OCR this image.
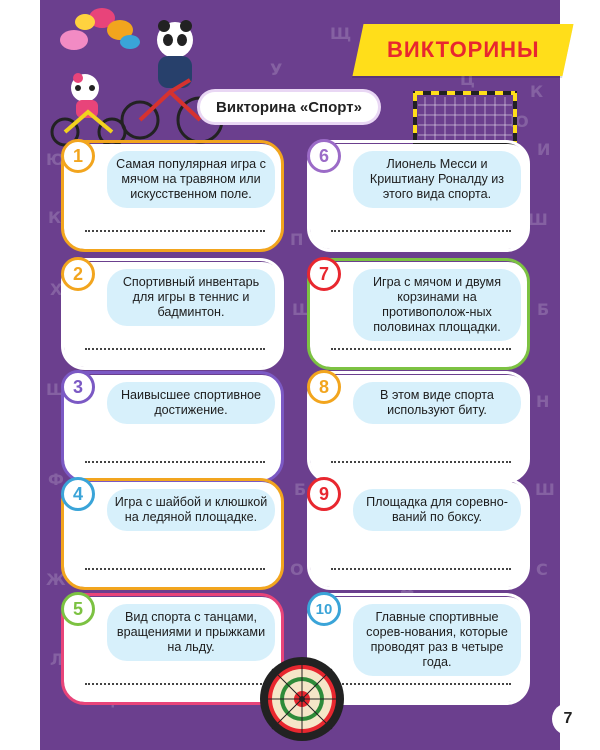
К
Ц
Ю
И
Ш
Б
Н
Ш
С
Ю
К
Х
Ш
Ф
Ж
Л
П
Ш
Б
О
Д
Щ
У
ВИКТОРИНЫ
Викторина «Спорт»
1	Самая популярная игра с мячом на травяном или искусственном поле.
2	Спортивный инвентарь для игры в теннис и бадминтон.
3	Наивысшее спортивное достижение.
4	Игра с шайбой и клюшкой на ледяной площадке.
5	Вид спорта с танцами, вращениями и прыжками на льду.
6	Лионель Месси и Криштиану Роналду из этого вида спорта.
7	Игра с мячом и двумя корзинами на противополож-ных половинах площадки.
8	В этом виде спорта используют биту.
9	Площадка для соревно-ваний по боксу.
10	Главные спортивные сорев-нования, которые проводят раз в четыре года.
7
